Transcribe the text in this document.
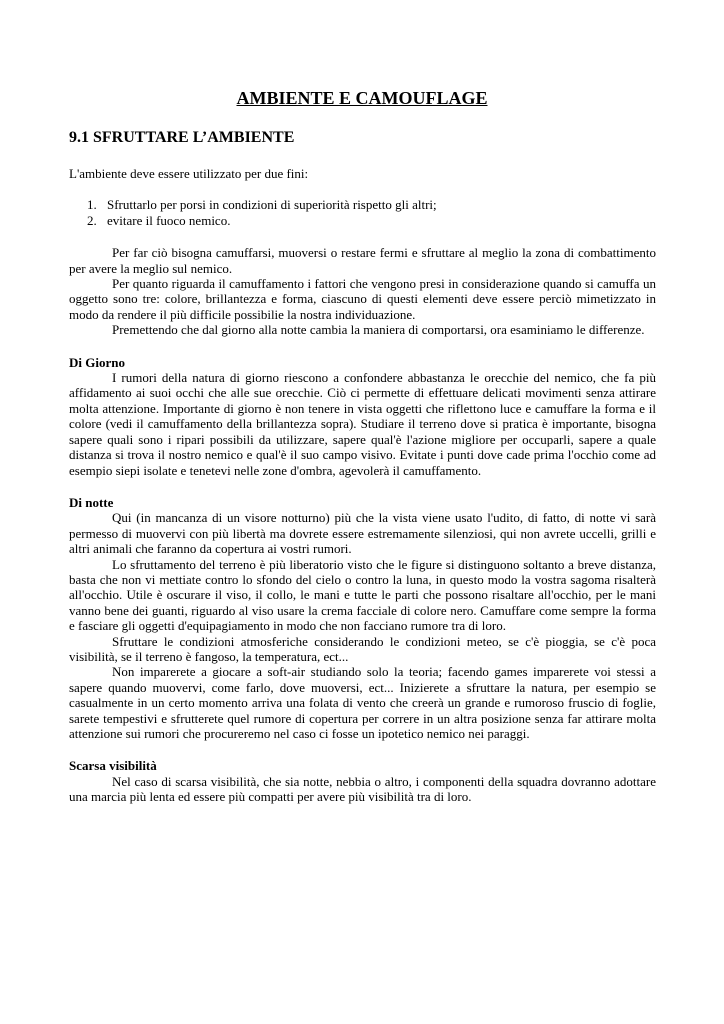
AMBIENTE E CAMOUFLAGE
9.1 SFRUTTARE L’AMBIENTE

L'ambiente deve essere utilizzato per due fini:

1. Sfruttarlo per porsi in condizioni di superiorità rispetto gli altri;
2. evitare il fuoco nemico.

Per far ciò bisogna camuffarsi, muoversi o restare fermi e sfruttare al meglio la zona di combattimento per avere la meglio sul nemico.

Per quanto riguarda il camuffamento i fattori che vengono presi in considerazione quando si camuffa un oggetto sono tre: colore, brillantezza e forma, ciascuno di questi elementi deve essere perciò mimetizzato in modo da rendere il più difficile possibilie la nostra individuazione.

Premettendo che dal giorno alla notte cambia la maniera di comportarsi, ora esaminiamo le differenze.

Di Giorno

I rumori della natura di giorno riescono a confondere abbastanza le orecchie del nemico, che fa più affidamento ai suoi occhi che alle sue orecchie. Ciò ci permette di effettuare delicati movimenti senza attirare molta attenzione. Importante di giorno è non tenere in vista oggetti che riflettono luce e camuffare la forma e il colore (vedi il camuffamento della brillantezza sopra). Studiare il terreno dove si pratica è importante, bisogna sapere quali sono i ripari possibili da utilizzare, sapere qual'è l'azione migliore per occuparli, sapere a quale distanza si trova il nostro nemico e qual'è il suo campo visivo. Evitate i punti dove cade prima l'occhio come ad esempio siepi isolate e tenetevi nelle zone d'ombra, agevolerà il camuffamento.

Di notte

Qui (in mancanza di un visore notturno) più che la vista viene usato l'udito, di fatto, di notte vi sarà permesso di muovervi con più libertà ma dovrete essere estremamente silenziosi, qui non avrete uccelli, grilli e altri animali che faranno da copertura ai vostri rumori.

Lo sfruttamento del terreno è più liberatorio visto che le figure si distinguono soltanto a breve distanza, basta che non vi mettiate contro lo sfondo del cielo o contro la luna, in questo modo la vostra sagoma risalterà all'occhio. Utile è oscurare il viso, il collo, le mani e tutte le parti che possono risaltare all'occhio, per le mani vanno bene dei guanti, riguardo al viso usare la crema facciale di colore nero. Camuffare come sempre la forma e fasciare gli oggetti d'equipagiamento in modo che non facciano rumore tra di loro.

Sfruttare le condizioni atmosferiche considerando le condizioni meteo, se c'è pioggia, se c'è poca visibilità, se il terreno è fangoso, la temperatura, ect...

Non imparerete a giocare a soft-air studiando solo la teoria; facendo games imparerete voi stessi a sapere quando muovervi, come farlo, dove muoversi, ect... Inizierete a sfruttare la natura, per esempio se casualmente in un certo momento arriva una folata di vento che creerà un grande e rumoroso fruscio di foglie, sarete tempestivi e sfrutterete quel rumore di copertura per correre in un altra posizione senza far attirare molta attenzione sui rumori che procureremo nel caso ci fosse un ipotetico nemico nei paraggi.

Scarsa visibilità

Nel caso di scarsa visibilità, che sia notte, nebbia o altro, i componenti della squadra dovranno adottare una marcia più lenta ed essere più compatti per avere più visibilità tra di loro.
